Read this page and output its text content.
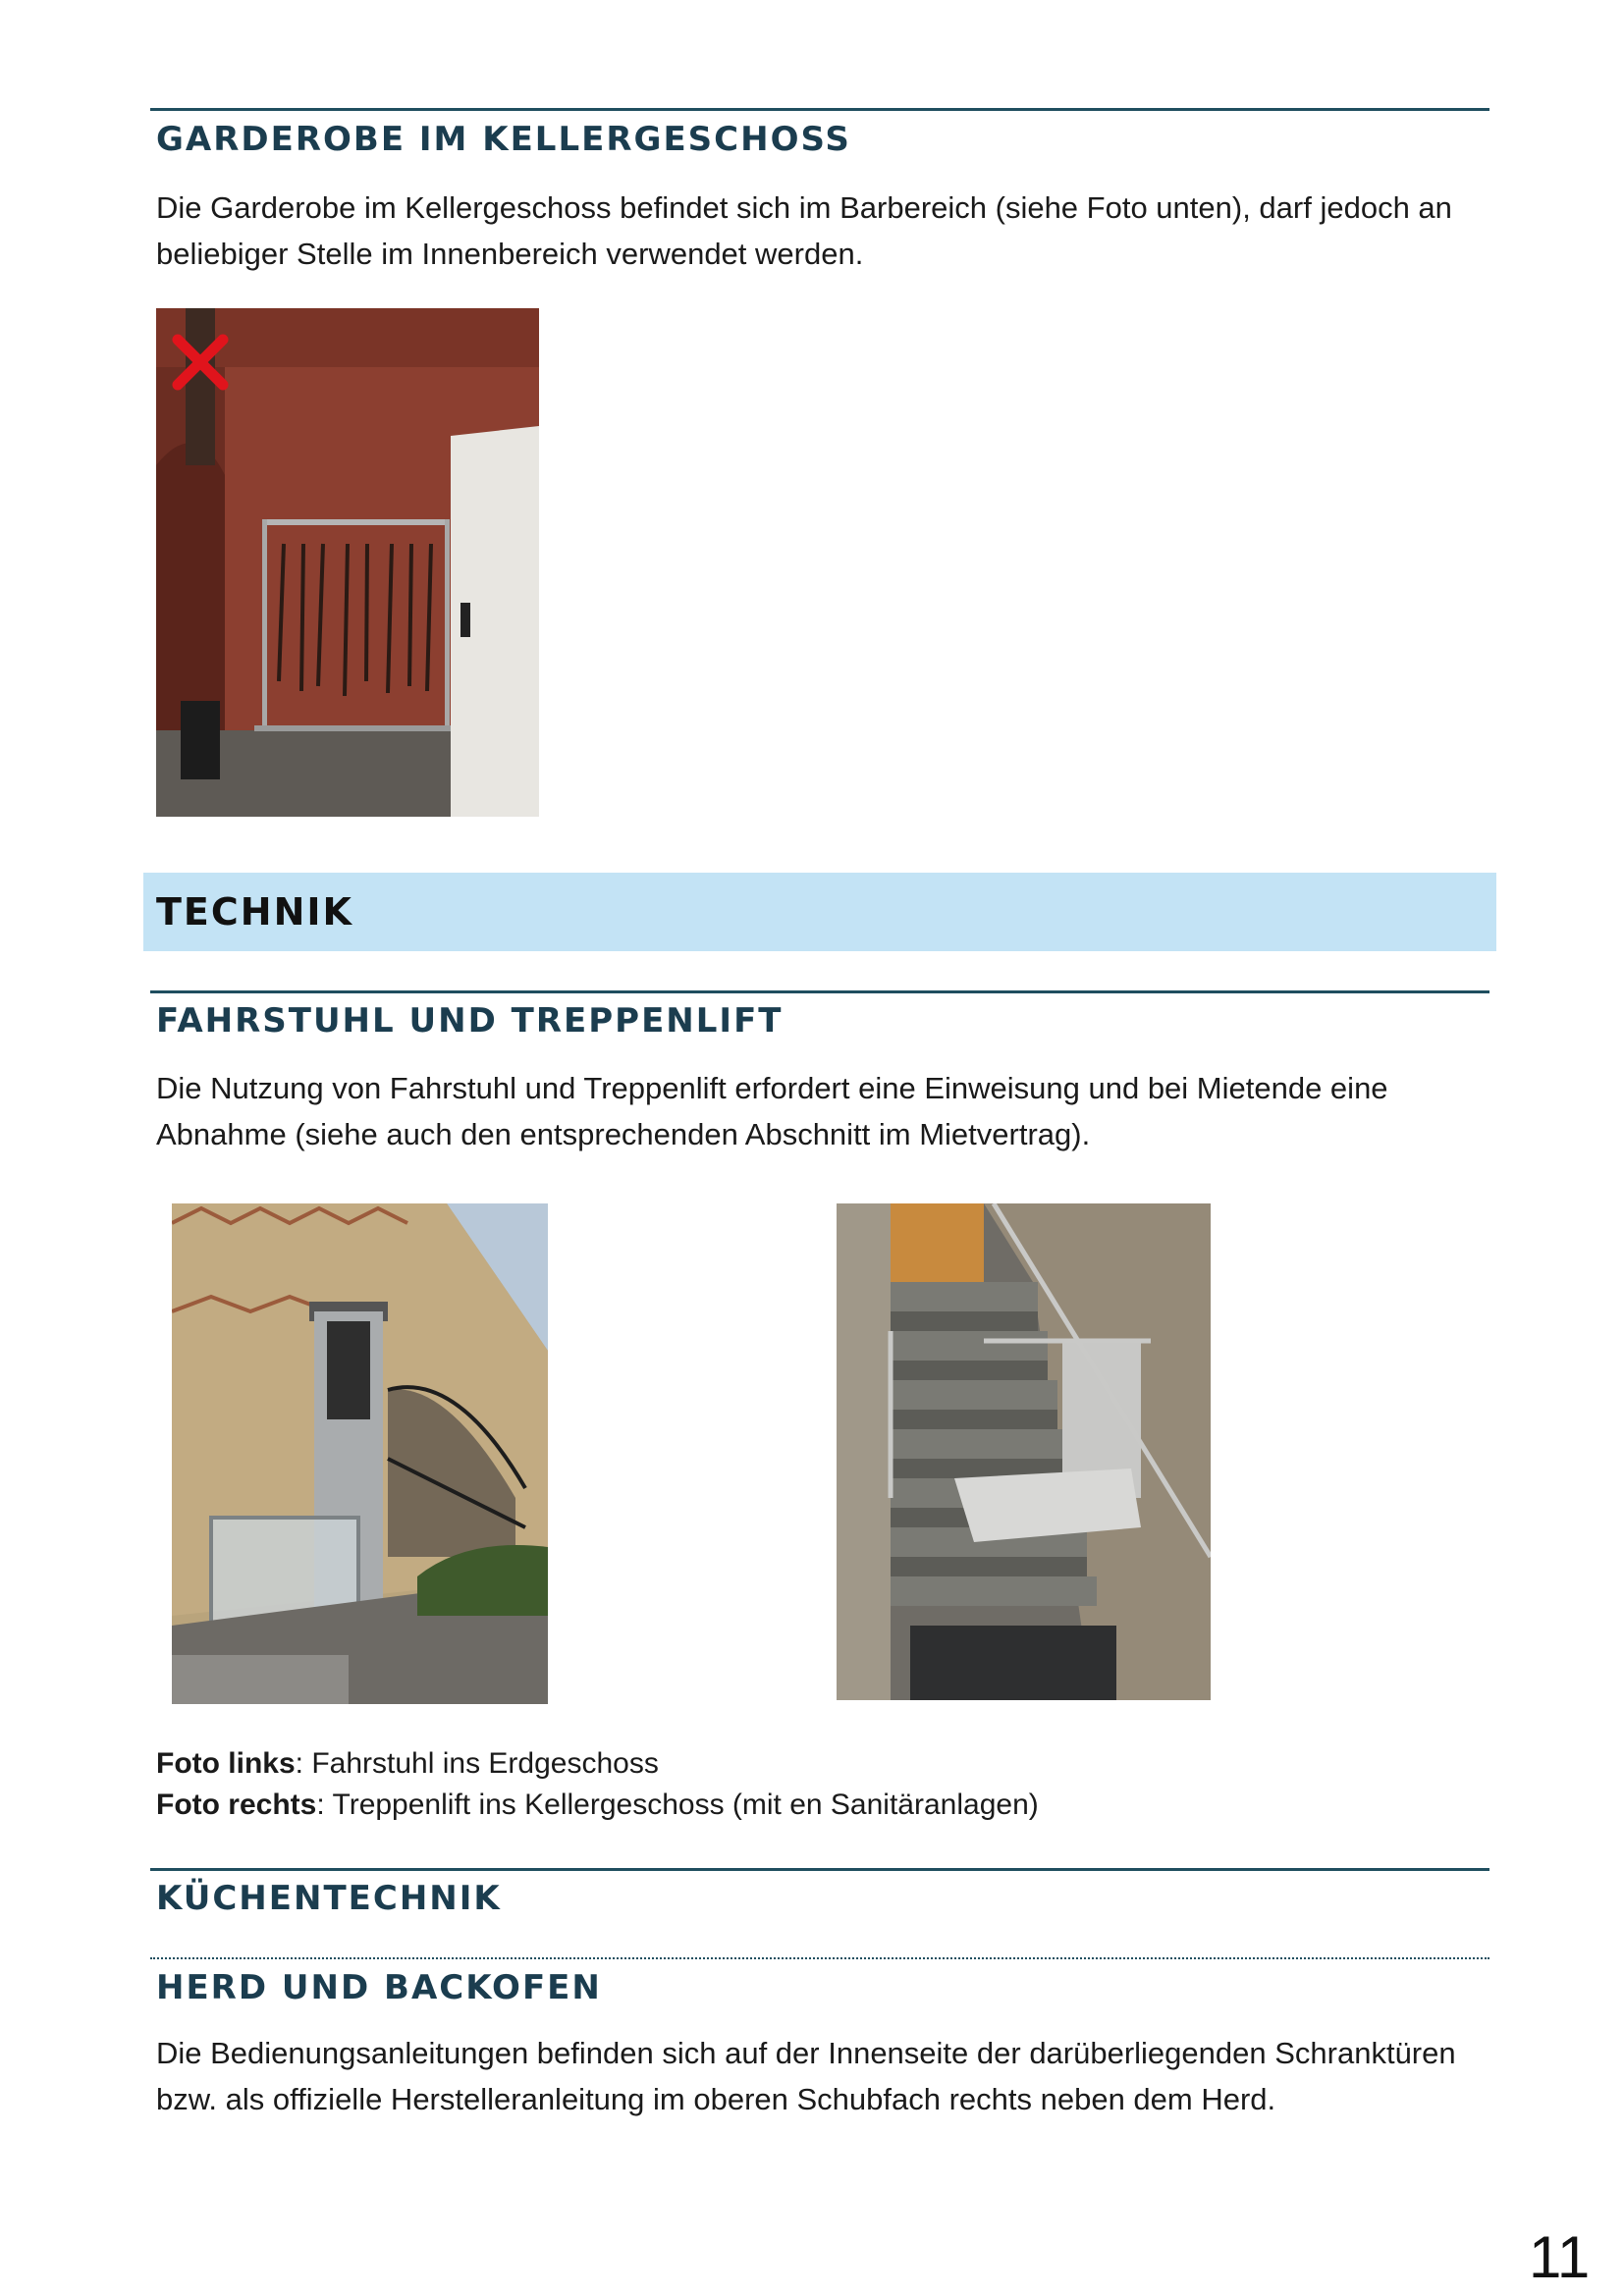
GARDEROBE IM KELLERGESCHOSS

Die Garderobe im Kellergeschoss befindet sich im Barbereich (siehe Foto unten), darf jedoch an beliebiger Stelle im Innenbereich verwendet werden.

TECHNIK
FAHRSTUHL UND TREPPENLIFT

Die Nutzung von Fahrstuhl und Treppenlift erfordert eine Einweisung und bei Mietende eine Abnahme (siehe auch den entsprechenden Abschnitt im Mietvertrag).

Foto links: Fahrstuhl ins Erdgeschoss
Foto rechts: Treppenlift ins Kellergeschoss (mit en Sanitäranlagen)
KÜCHENTECHNIK
HERD UND BACKOFEN

Die Bedienungsanleitungen befinden sich auf der Innenseite der darüberliegenden Schranktüren bzw. als offizielle Herstelleranleitung im oberen Schubfach rechts neben dem Herd.

11
